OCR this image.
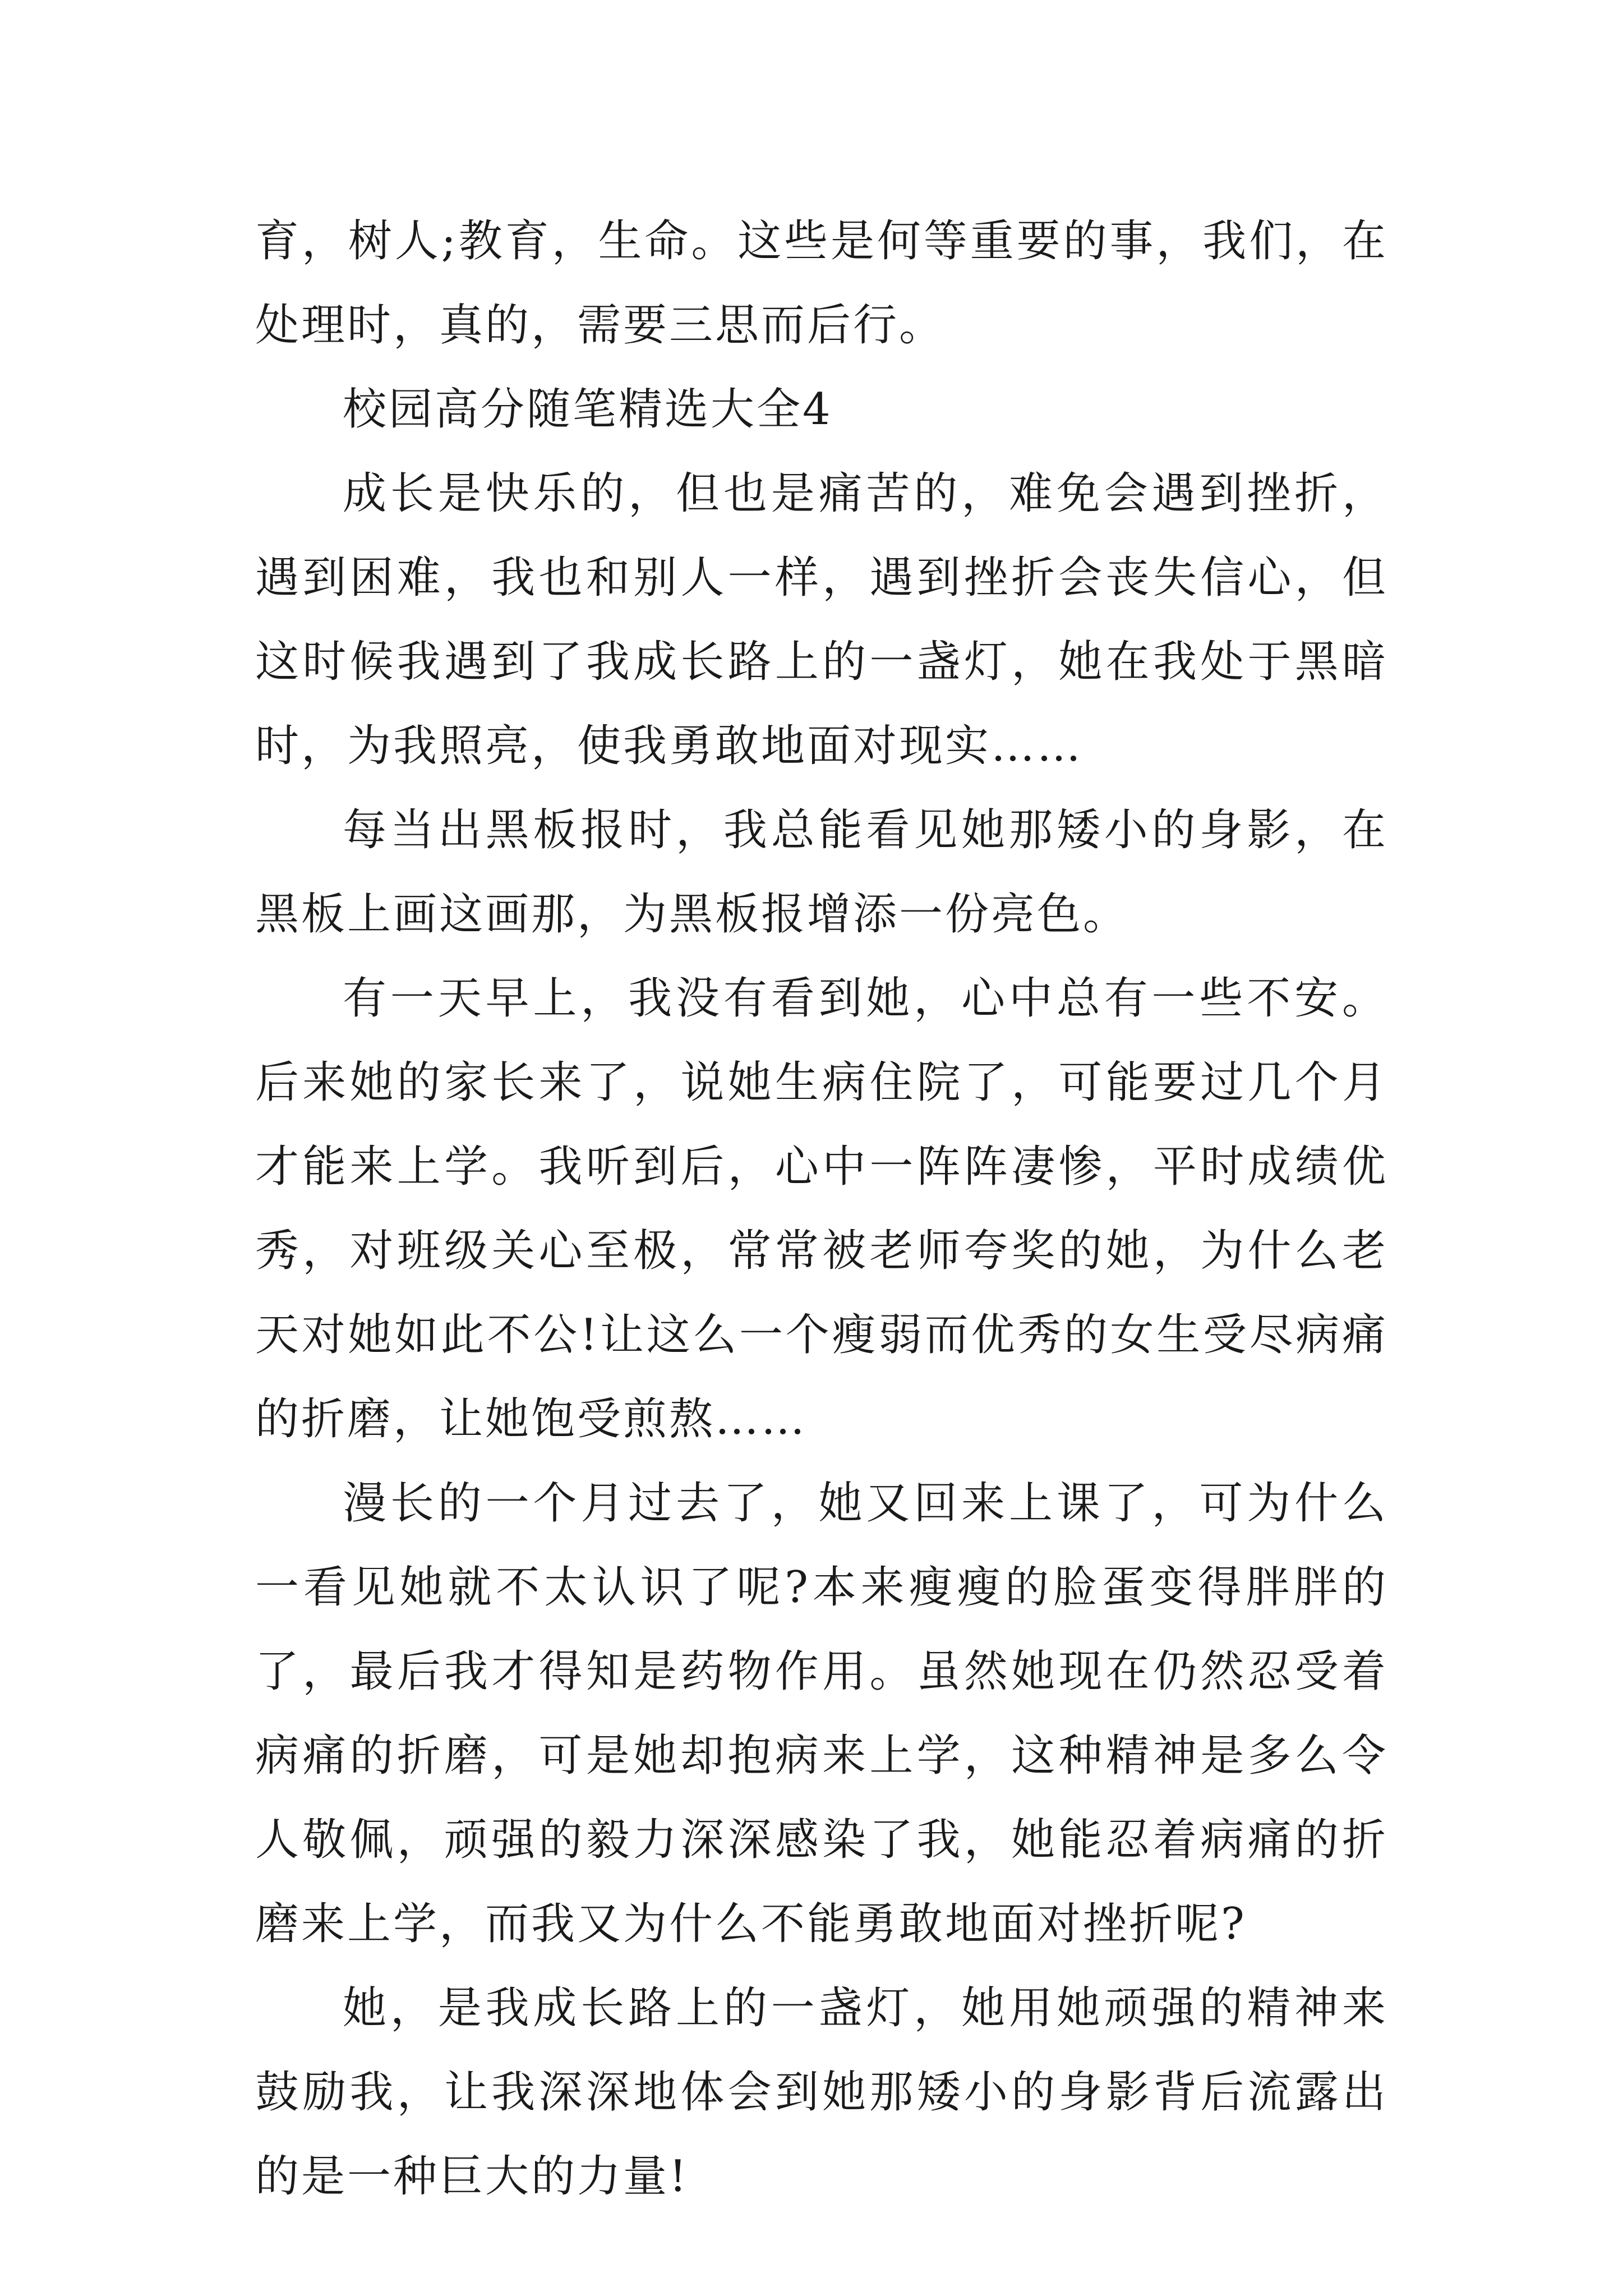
育，树人;教育，生命。这些是何等重要的事，我们，在处理时，真的，需要三思而后行。

校园高分随笔精选大全4

成长是快乐的，但也是痛苦的，难免会遇到挫折，遇到困难，我也和别人一样，遇到挫折会丧失信心，但这时候我遇到了我成长路上的一盏灯，她在我处于黑暗时，为我照亮，使我勇敢地面对现实……

每当出黑板报时，我总能看见她那矮小的身影，在黑板上画这画那，为黑板报增添一份亮色。

有一天早上，我没有看到她，心中总有一些不安。后来她的家长来了，说她生病住院了，可能要过几个月才能来上学。我听到后，心中一阵阵凄惨，平时成绩优秀，对班级关心至极，常常被老师夸奖的她，为什么老天对她如此不公!让这么一个瘦弱而优秀的女生受尽病痛的折磨，让她饱受煎熬……

漫长的一个月过去了，她又回来上课了，可为什么一看见她就不太认识了呢?本来瘦瘦的脸蛋变得胖胖的了，最后我才得知是药物作用。虽然她现在仍然忍受着病痛的折磨，可是她却抱病来上学，这种精神是多么令人敬佩，顽强的毅力深深感染了我，她能忍着病痛的折磨来上学，而我又为什么不能勇敢地面对挫折呢?

她，是我成长路上的一盏灯，她用她顽强的精神来鼓励我，让我深深地体会到她那矮小的身影背后流露出的是一种巨大的力量!
